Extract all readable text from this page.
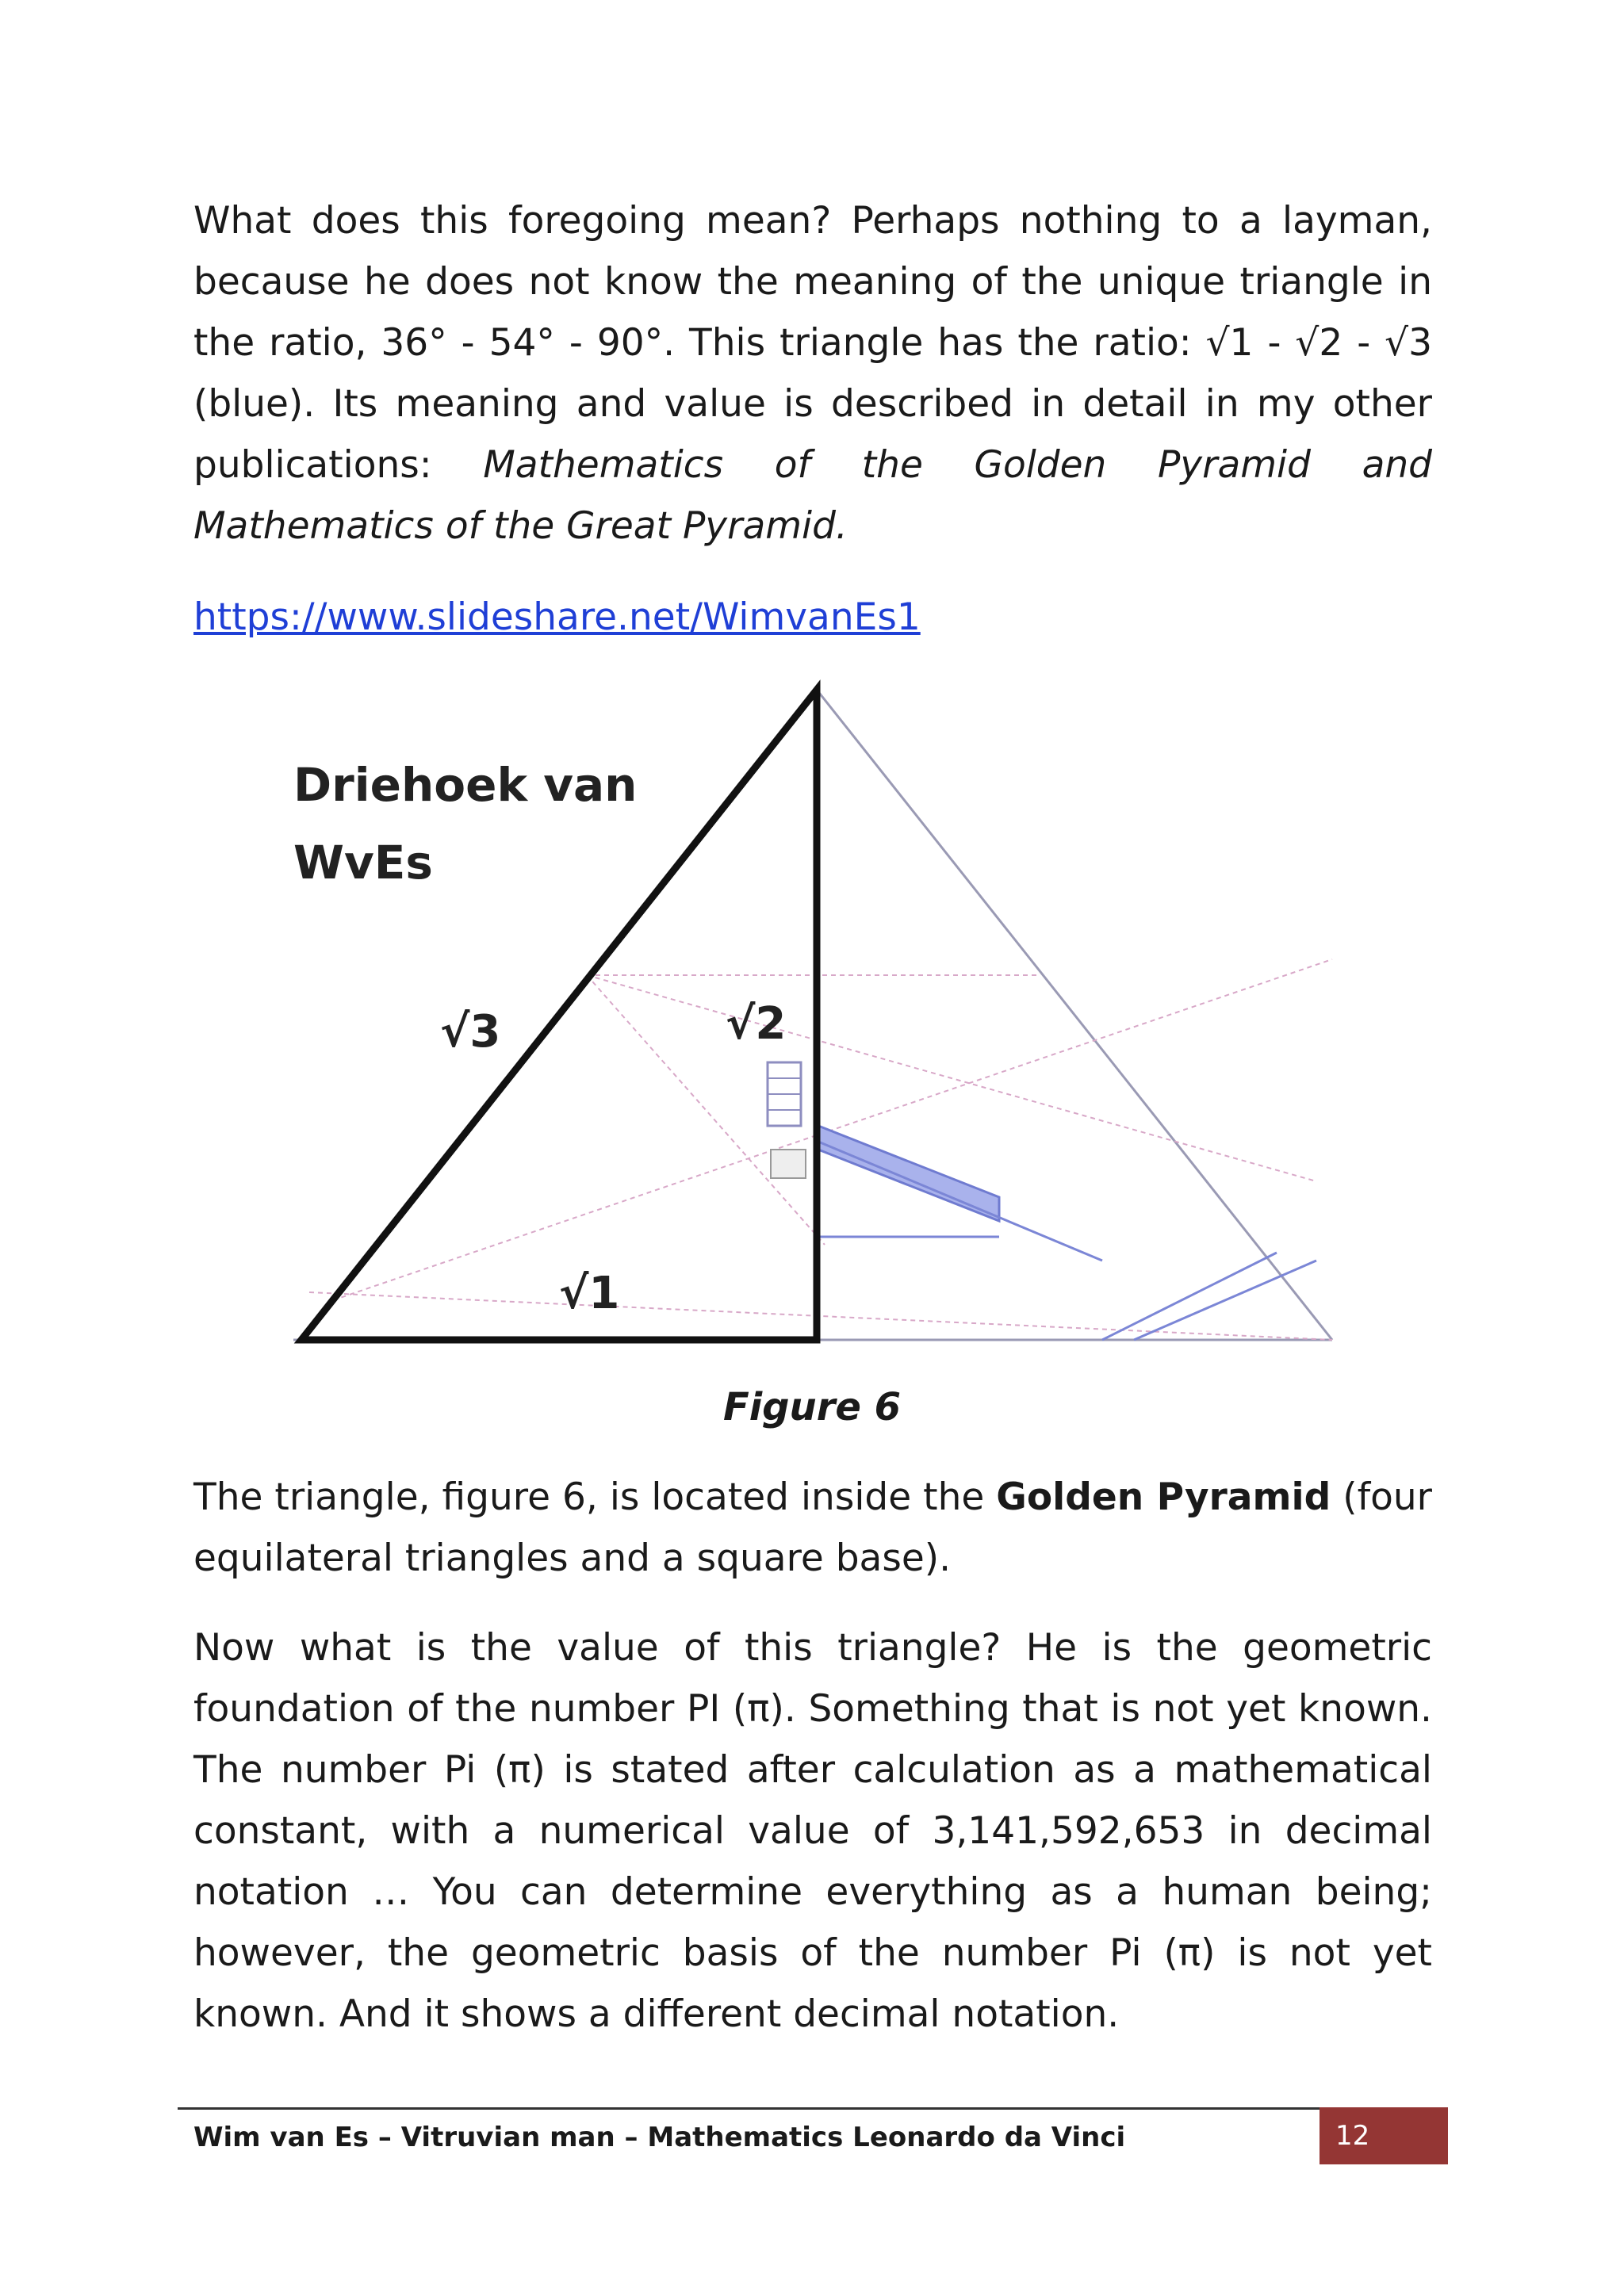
What does this foregoing mean? Perhaps nothing to a layman, because he does not know the meaning of the unique triangle in the ratio, 36° - 54° - 90°. This triangle has the ratio: √1 - √2 - √3 (blue). Its meaning and value is described in detail in my other publications: Mathematics of the Golden Pyramid and Mathematics of the Great Pyramid.

https://www.slideshare.net/WimvanEs1
Driehoek van
WvEs
√3	√2
√1
Figure 6

The triangle, figure 6, is located inside the Golden Pyramid (four equilateral triangles and a square base).

Now what is the value of this triangle? He is the geometric foundation of the number PI (π). Something that is not yet known. The number Pi (π) is stated after calculation as a mathematical constant, with a numerical value of 3,141,592,653 in decimal notation … You can determine everything as a human being; however, the geometric basis of the number Pi (π) is not yet known. And it shows a different decimal notation.

Wim van Es – Vitruvian man – Mathematics Leonardo da Vinci	12
